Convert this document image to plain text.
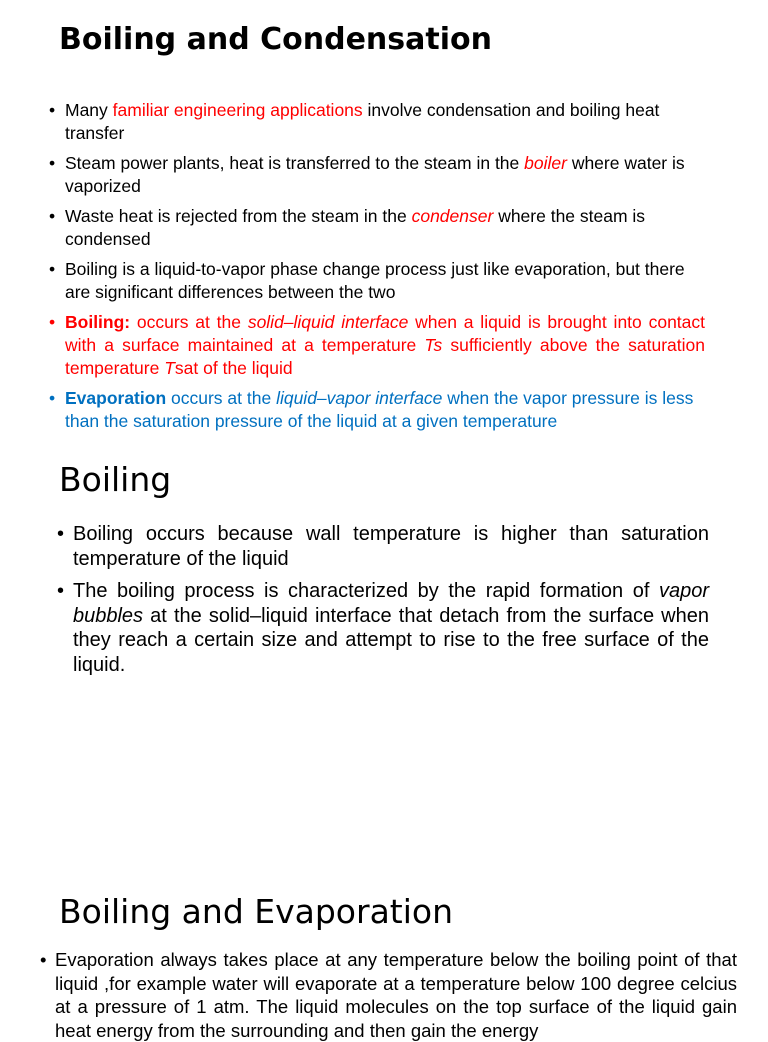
Boiling and Condensation
• Many familiar engineering applications involve condensation and boiling heat transfer
• Steam power plants, heat is transferred to the steam in the boiler where water is vaporized
• Waste heat is rejected from the steam in the condenser where the steam is condensed
• Boiling is a liquid-to-vapor phase change process just like evaporation, but there are significant differences between the two
• Boiling: occurs at the solid–liquid interface when a liquid is brought into contact with a surface maintained at a temperature Ts sufficiently above the saturation temperature Tsat of the liquid
• Evaporation occurs at the liquid–vapor interface when the vapor pressure is less than the saturation pressure of the liquid at a given temperature
Boiling
• Boiling occurs because wall temperature is higher than saturation temperature of the liquid
• The boiling process is characterized by the rapid formation of vapor bubbles at the solid–liquid interface that detach from the surface when they reach a certain size and attempt to rise to the free surface of the liquid.
Boiling and Evaporation
• Evaporation always takes place at any temperature below the boiling point of that liquid ,for example water will evaporate at a temperature below 100 degree celcius at a pressure of 1 atm. The liquid molecules on the top surface of the liquid gain heat energy from the surrounding and then gain the energy
